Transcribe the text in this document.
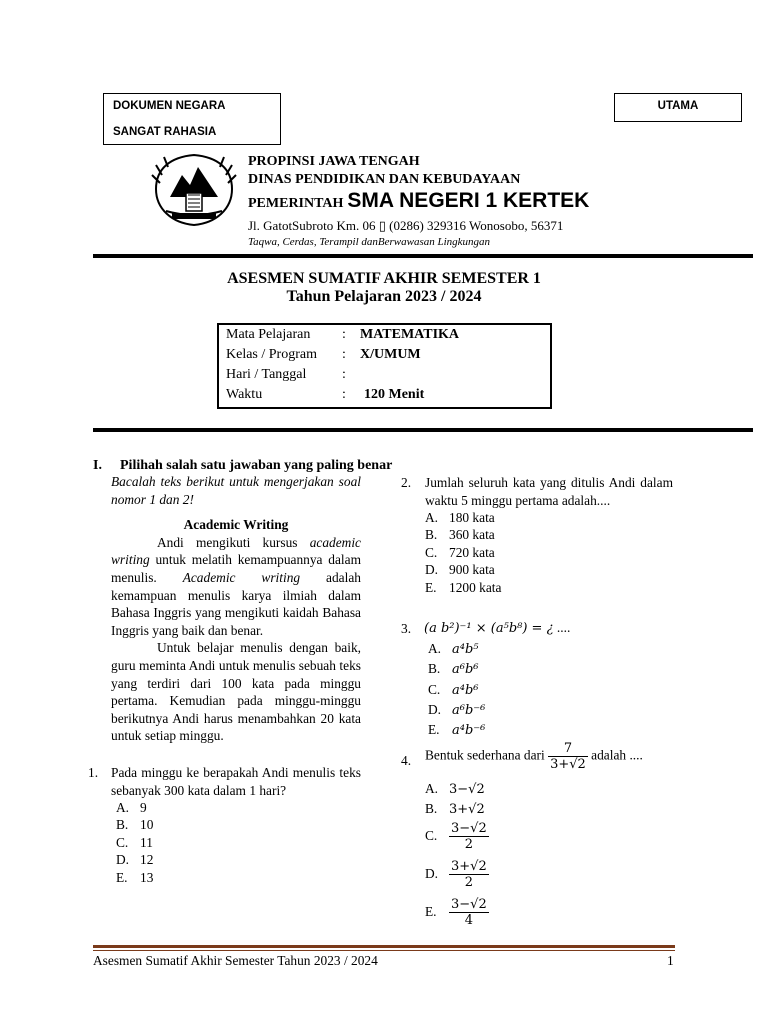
DOKUMEN NEGARA
SANGAT RAHASIA
UTAMA
PROPINSI JAWA TENGAH
DINAS PENDIDIKAN DAN KEBUDAYAAN
PEMERINTAH SMA NEGERI 1 KERTEK
Jl. GatotSubroto Km. 06 ▯ (0286) 329316 Wonosobo, 56371
Taqwa, Cerdas, Terampil danBerwawasan Lingkungan
ASESMEN SUMATIF AKHIR SEMESTER 1
Tahun Pelajaran 2023 / 2024
Mata Pelajaran : MATEMATIKA
Kelas / Program : X/UMUM
Hari / Tanggal	:
Waktu	: 120 Menit
I. Pilihah salah satu jawaban yang paling benar
Bacalah teks berikut untuk mengerjakan soal nomor 1 dan 2!
Academic Writing
Andi mengikuti kursus academic writing untuk melatih kemampuannya dalam menulis. Academic writing adalah kemampuan menulis karya ilmiah dalam Bahasa Inggris yang mengikuti kaidah Bahasa Inggris yang baik dan benar.
Untuk belajar menulis dengan baik, guru meminta Andi untuk menulis sebuah teks yang terdiri dari 100 kata pada minggu pertama. Kemudian pada minggu-minggu berikutnya Andi harus menambahkan 20 kata untuk setiap minggu.
1. Pada minggu ke berapakah Andi menulis teks sebanyak 300 kata dalam 1 hari?
A. 9
B. 10
C. 11
D. 12
E. 13
2. Jumlah seluruh kata yang ditulis Andi dalam waktu 5 minggu pertama adalah....
A. 180 kata
B. 360 kata
C. 720 kata
D. 900 kata
E. 1200 kata
3. (a b²)⁻¹ × (a⁵b⁸) = ¿ ....
A. a⁴b⁵
B. a⁶b⁶
C. a⁴b⁶
D. a⁶b⁻⁶
E. a⁴b⁻⁶
4. Bentuk sederhana dari $\frac{7}{3+√2}$ adalah ....
A. 3−√2
B. 3+√2
C. $\frac{3-√2}{2}$
D. $\frac{3+√2}{2}$
E. $\frac{3-√2}{4}$
Asesmen Sumatif Akhir Semester Tahun 2023 / 2024	1
